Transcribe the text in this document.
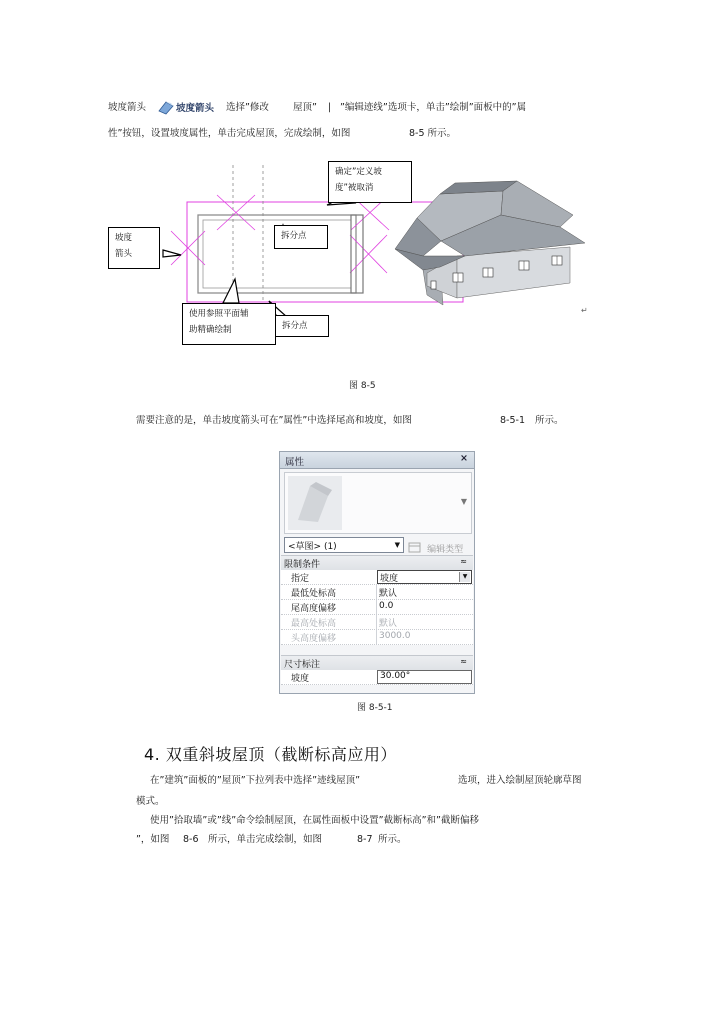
坡度箭头	坡度箭头 选择”修改	屋顶” | ”编辑迹线”选项卡，单击”绘制”面板中的”属
性”按钮，设置坡度属性，单击完成屋顶，完成绘制，如图	8-5 所示。
↵
确定”定义坡
度”被取消
坡度
箭头
拆分点
使用参照平面辅
助精确绘制	拆分点
图 8-5
需要注意的是，单击坡度箭头可在”属性”中选择尾高和坡度，如图	8-5-1 所示。
属性	×
▼
<草图> (1)	▼	编辑类型
限制条件	≈
指定	坡度	▼
最低处标高	默认
尾高度偏移	0.0
最高处标高	默认
头高度偏移	3000.0
尺寸标注	≈
坡度	30.00°
图 8-5-1
4. 双重斜坡屋顶（截断标高应用）
在”建筑”面板的”屋顶”下拉列表中选择”迹线屋顶”	选项，进入绘制屋顶轮廓草图
模式。
使用”拾取墙”或”线”命令绘制屋顶，在属性面板中设置”截断标高”和”截断偏移
”，如图 8-6 所示，单击完成绘制，如图	8-7 所示。
